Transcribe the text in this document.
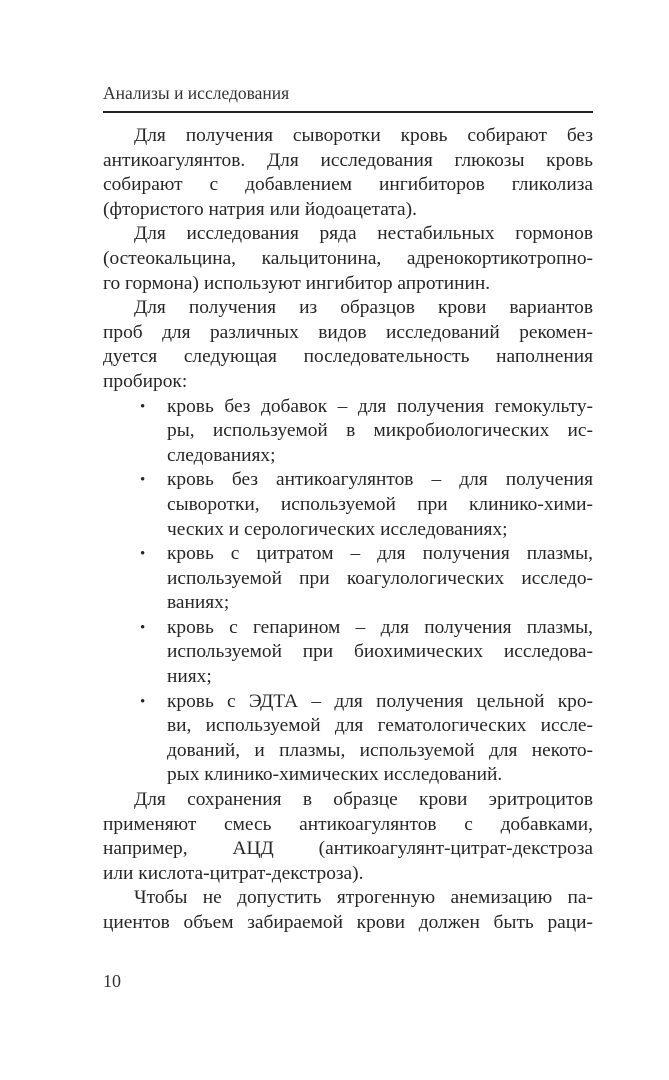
Анализы и исследования
Для получения сыворотки кровь собирают без
антикоагулянтов. Для исследования глюкозы кровь
собирают с добавлением ингибиторов гликолиза
(фтористого натрия или йодоацетата).
Для исследования ряда нестабильных гормонов
(остеокальцина, кальцитонина, адренокортикотропно-
го гормона) используют ингибитор апротинин.
Для получения из образцов крови вариантов
проб для различных видов исследований рекомен-
дуется следующая последовательность наполнения
пробирок:
• кровь без добавок – для получения гемокульту-
ры, используемой в микробиологических ис-
следованиях;
• кровь без антикоагулянтов – для получения
сыворотки, используемой при клинико-хими-
ческих и серологических исследованиях;
• кровь с цитратом – для получения плазмы,
используемой при коагулологических исследо-
ваниях;
• кровь с гепарином – для получения плазмы,
используемой при биохимических исследова-
ниях;
• кровь с ЭДТА – для получения цельной кро-
ви, используемой для гематологических иссле-
дований, и плазмы, используемой для некото-
рых клинико-химических исследований.
Для сохранения в образце крови эритроцитов
применяют смесь антикоагулянтов с добавками,
например, АЦД (антикоагулянт-цитрат-декстроза
или кислота-цитрат-декстроза).
Чтобы не допустить ятрогенную анемизацию па-
циентов объем забираемой крови должен быть раци-
10
